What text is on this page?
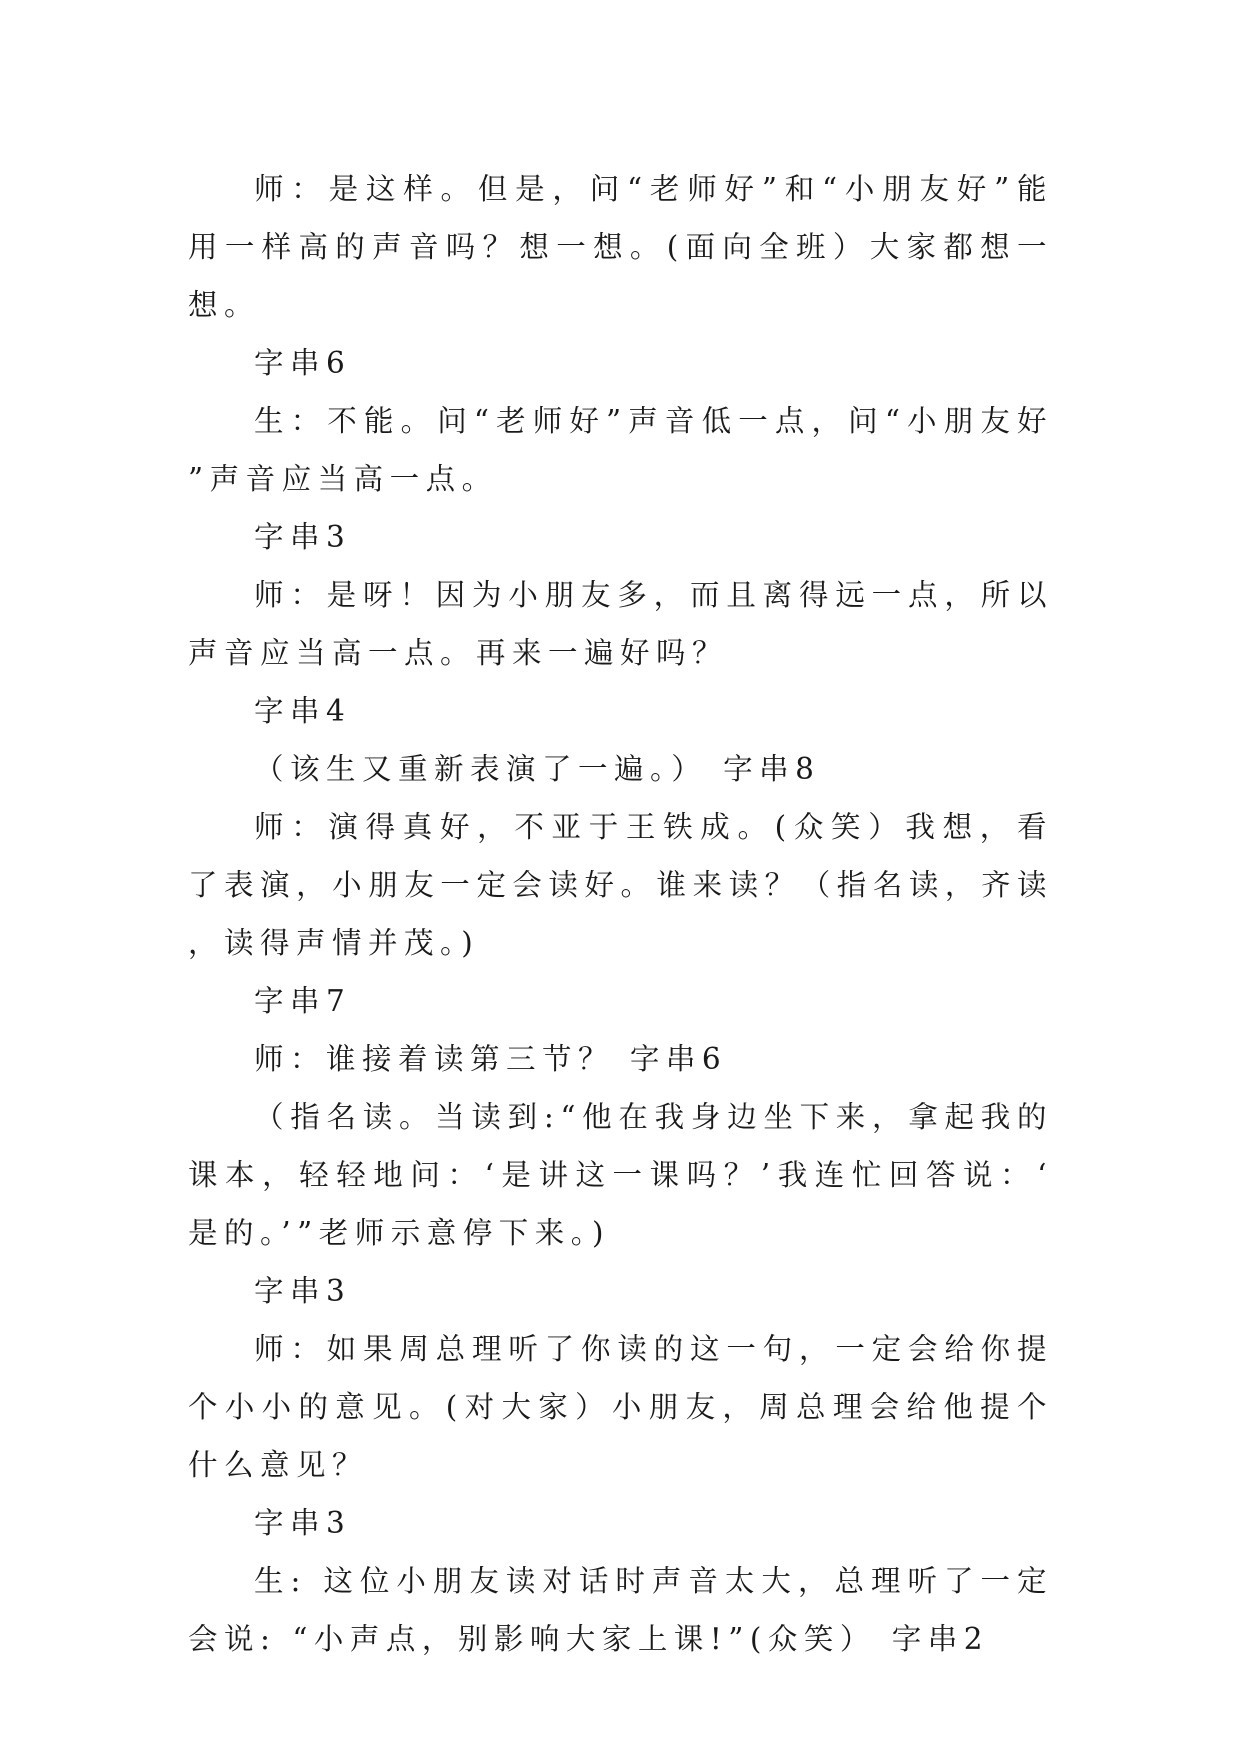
师：是这样。但是，问“老师好”和“小朋友好”能用一样高的声音吗？想一想。(面向全班）大家都想一想。

字串6

生：不能。问“老师好”声音低一点，问“小朋友好”声音应当高一点。

字串3

师：是呀！因为小朋友多，而且离得远一点，所以声音应当高一点。再来一遍好吗？

字串4

（该生又重新表演了一遍。） 字串8

师：演得真好，不亚于王铁成。(众笑）我想，看了表演，小朋友一定会读好。谁来读？（指名读，齐读，读得声情并茂。)

字串7

师：谁接着读第三节？ 字串6

（指名读。当读到:“他在我身边坐下来，拿起我的课本，轻轻地问：‘是讲这一课吗？’我连忙回答说：‘是的。’”老师示意停下来。)

字串3

师：如果周总理听了你读的这一句，一定会给你提个小小的意见。(对大家）小朋友，周总理会给他提个什么意见？

字串3

生: 这位小朋友读对话时声音太大，总理听了一定会说: “小声点，别影响大家上课!”(众笑） 字串2
